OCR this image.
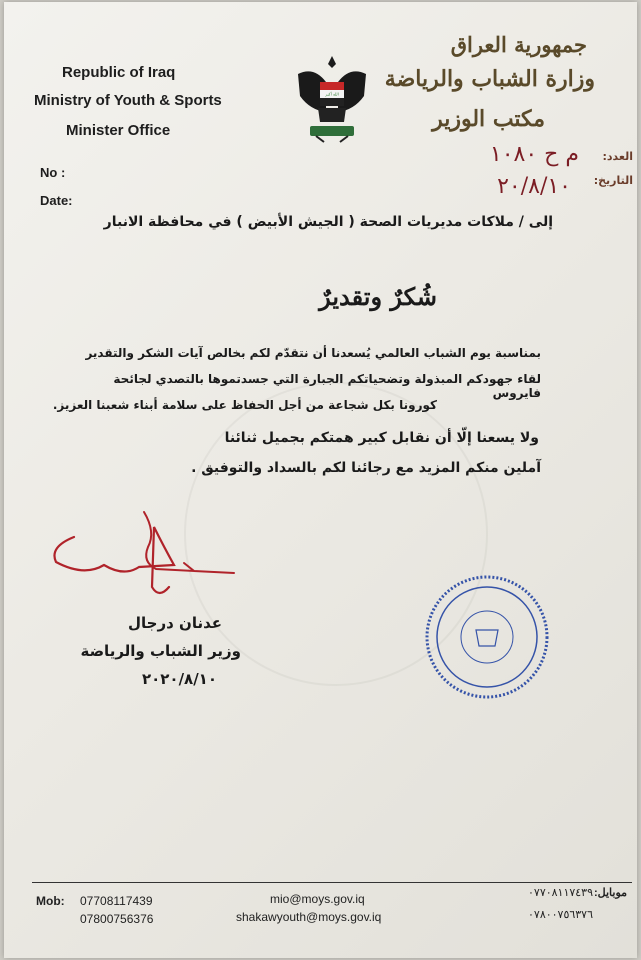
Republic of Iraq
Ministry of Youth & Sports
Minister Office
No :
Date:
الله أكبر
جمهورية العراق
وزارة الشباب والرياضة
مكتب الوزير
العدد:
التاريخ:
م ح ١٠٨٠
٢٠/٨/١٠
إلى / ملاكات مديريات الصحة ( الجيش الأبيض ) في محافظة الانبار
شُكرٌ وتقديرٌ
بمناسبة يوم الشباب العالمي يُسعدنا أن نتقدّم لكم بخالص آيات الشكر والتقدير
لقاء جهودكم المبذولة وتضحياتكم الجبارة التي جسدتموها بالتصدي لجائحة فايروس
كورونا بكل شجاعة من أجل الحفاظ على سلامة أبناء شعبنا العزيز.
ولا يسعنا إلّا أن نقابل كبير همتكم بجميل ثنائنا
آملين منكم المزيد مع رجائنا لكم بالسداد والتوفيق .
عدنان درجال
وزير الشباب والرياضة
٢٠٢٠/٨/١٠
Mob: 07708117439
07800756376
mio@moys.gov.iq
shakawyouth@moys.gov.iq
٠٧٧٠٨١١٧٤٣٩
٠٧٨٠٠٧٥٦٣٧٦
موبايل:
